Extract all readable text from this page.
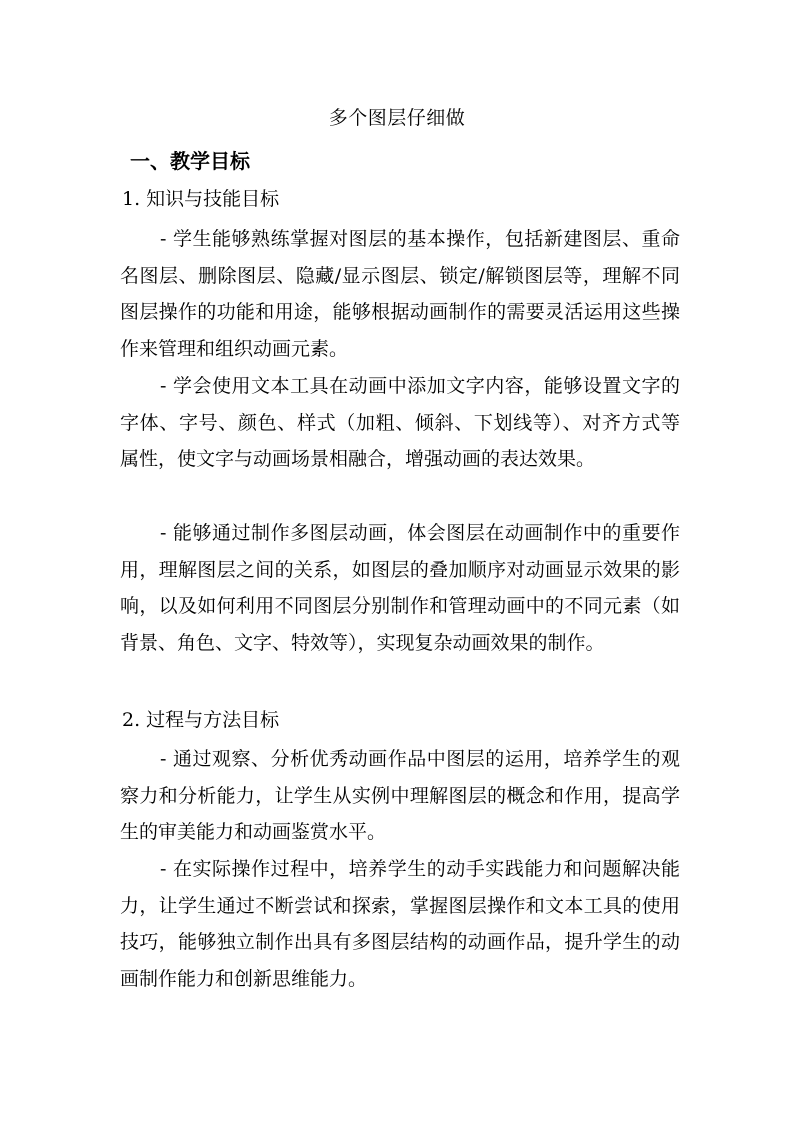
多个图层仔细做
一、教学目标
1. 知识与技能目标

- 学生能够熟练掌握对图层的基本操作，包括新建图层、重命名图层、删除图层、隐藏/显示图层、锁定/解锁图层等，理解不同图层操作的功能和用途，能够根据动画制作的需要灵活运用这些操作来管理和组织动画元素。

- 学会使用文本工具在动画中添加文字内容，能够设置文字的字体、字号、颜色、样式（加粗、倾斜、下划线等）、对齐方式等属性，使文字与动画场景相融合，增强动画的表达效果。

- 能够通过制作多图层动画，体会图层在动画制作中的重要作用，理解图层之间的关系，如图层的叠加顺序对动画显示效果的影响，以及如何利用不同图层分别制作和管理动画中的不同元素（如背景、角色、文字、特效等），实现复杂动画效果的制作。

2. 过程与方法目标

- 通过观察、分析优秀动画作品中图层的运用，培养学生的观察力和分析能力，让学生从实例中理解图层的概念和作用，提高学生的审美能力和动画鉴赏水平。

- 在实际操作过程中，培养学生的动手实践能力和问题解决能力，让学生通过不断尝试和探索，掌握图层操作和文本工具的使用技巧，能够独立制作出具有多图层结构的动画作品，提升学生的动画制作能力和创新思维能力。
